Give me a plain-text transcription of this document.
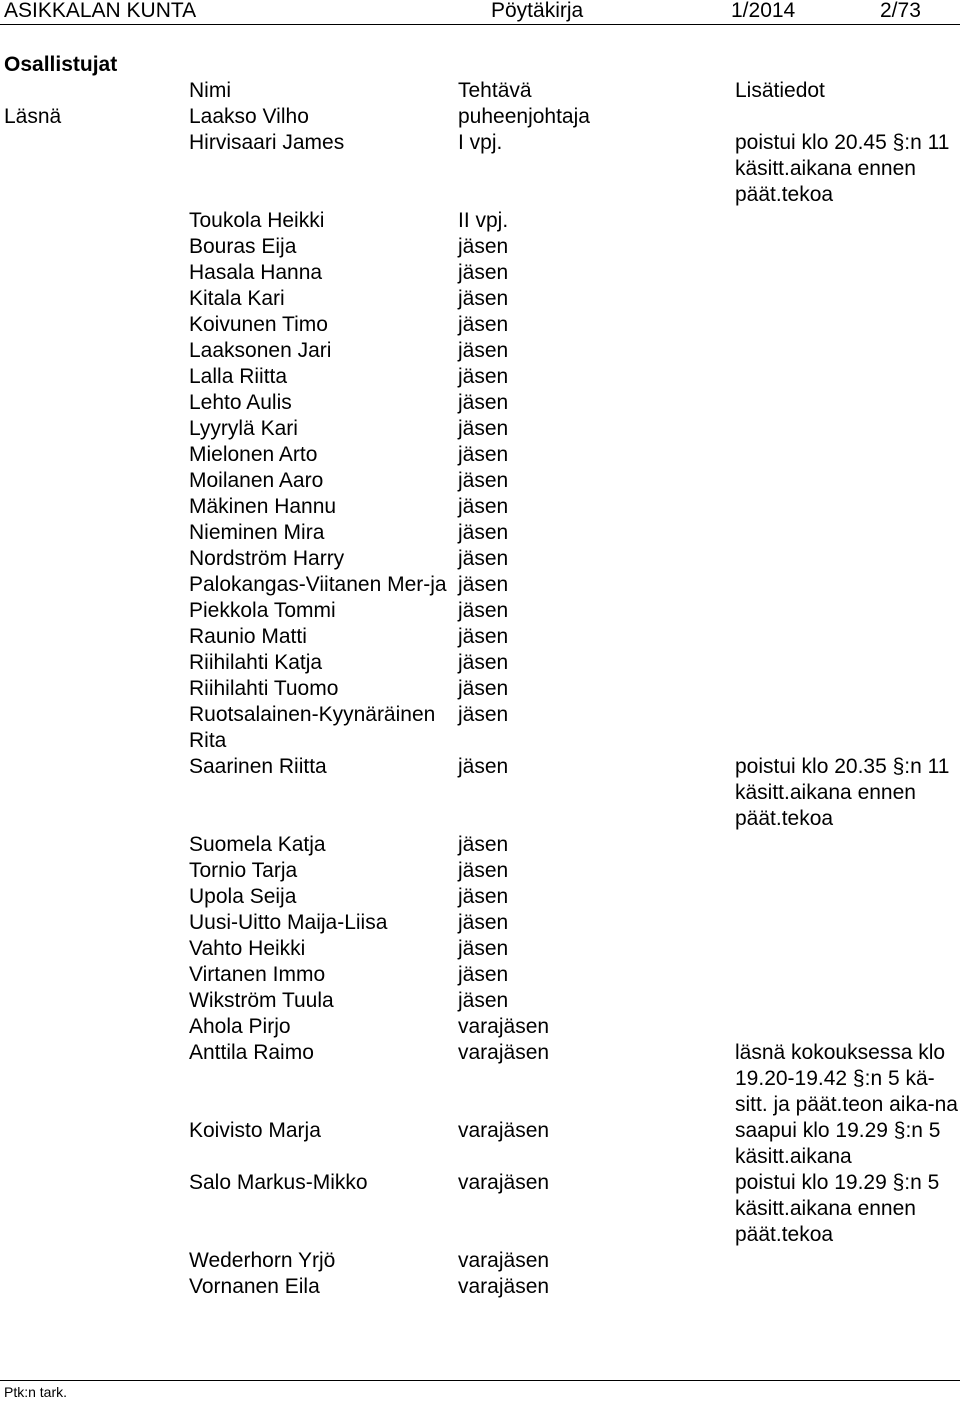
ASIKKALAN KUNTA	Pöytäkirja	1/2014	2/73
Osallistujat
	Nimi	Tehtävä	Lisätiedot
Läsnä	Laakso Vilho	puheenjohtaja	
	Hirvisaari James	I vpj.	poistui klo 20.45 §:n 11 käsitt.aikana ennen päät.tekoa
	Toukola Heikki	II vpj.	
	Bouras Eija	jäsen	
	Hasala Hanna	jäsen	
	Kitala Kari	jäsen	
	Koivunen Timo	jäsen	
	Laaksonen Jari	jäsen	
	Lalla Riitta	jäsen	
	Lehto Aulis	jäsen	
	Lyyrylä Kari	jäsen	
	Mielonen Arto	jäsen	
	Moilanen Aaro	jäsen	
	Mäkinen Hannu	jäsen	
	Nieminen Mira	jäsen	
	Nordström Harry	jäsen	
	Palokangas-Viitanen Mer-ja	jäsen	
	Piekkola Tommi	jäsen	
	Raunio Matti	jäsen	
	Riihilahti Katja	jäsen	
	Riihilahti Tuomo	jäsen	
	Ruotsalainen-Kyynäräinen Rita	jäsen	
	Saarinen Riitta	jäsen	poistui klo 20.35 §:n 11 käsitt.aikana ennen päät.tekoa
	Suomela Katja	jäsen	
	Tornio Tarja	jäsen	
	Upola Seija	jäsen	
	Uusi-Uitto Maija-Liisa	jäsen	
	Vahto Heikki	jäsen	
	Virtanen Immo	jäsen	
	Wikström Tuula	jäsen	
	Ahola Pirjo	varajäsen	
	Anttila Raimo	varajäsen	läsnä kokouksessa klo 19.20-19.42 §:n 5 kä-sitt. ja päät.teon aika-na
	Koivisto Marja	varajäsen	saapui klo 19.29 §:n 5 käsitt.aikana
	Salo Markus-Mikko	varajäsen	poistui klo 19.29 §:n 5 käsitt.aikana ennen päät.tekoa
	Wederhorn Yrjö	varajäsen	
	Vornanen Eila	varajäsen	
Ptk:n tark.
